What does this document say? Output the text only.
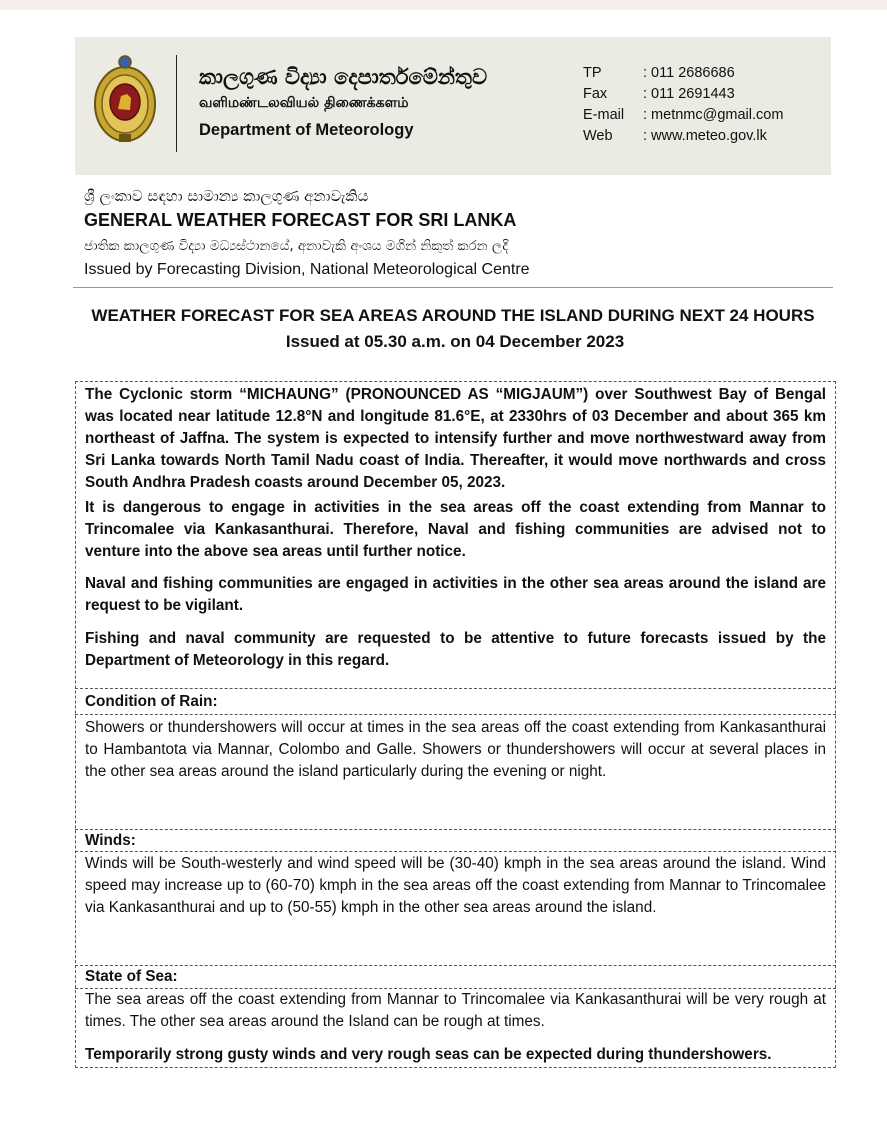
කාලගුණ විද්‍යා දෙපාර්තමේන්තුව
வளிமண்டலவியல் திணைக்களம்
Department of Meteorology
TP	: 011 2686686
Fax : 011 2691443
E-mail : metnmc@gmail.com
Web : www.meteo.gov.lk
ශ්‍රී ලංකාව සඳහා සාමාන්‍ය කාලගුණ අනාවැකිය
GENERAL WEATHER FORECAST FOR SRI LANKA
ජාතික කාලගුණ විද්‍යා මධ්‍යස්ථානයේ, අනාවැකි අංශය මගින් නිකුත් කරන ලදි
Issued by Forecasting Division, National Meteorological Centre
WEATHER FORECAST FOR SEA AREAS AROUND THE ISLAND DURING NEXT 24 HOURS
Issued at 05.30 a.m. on 04 December 2023
The Cyclonic storm “MICHAUNG” (PRONOUNCED AS “MIGJAUM”) over Southwest Bay of Bengal was located near latitude 12.8°N and longitude 81.6°E, at 2330hrs of 03 December and about 365 km northeast of Jaffna. The system is expected to intensify further and move northwestward away from Sri Lanka towards North Tamil Nadu coast of India. Thereafter, it would move northwards and cross South Andhra Pradesh coasts around December 05, 2023.
It is dangerous to engage in activities in the sea areas off the coast extending from Mannar to Trincomalee via Kankasanthurai. Therefore, Naval and fishing communities are advised not to venture into the above sea areas until further notice.
Naval and fishing communities are engaged in activities in the other sea areas around the island are request to be vigilant.
Fishing and naval community are requested to be attentive to future forecasts issued by the Department of Meteorology in this regard.
Condition of Rain:
Showers or thundershowers will occur at times in the sea areas off the coast extending from Kankasanthurai to Hambantota via Mannar, Colombo and Galle. Showers or thundershowers will occur at several places in the other sea areas around the island particularly during the evening or night.
Winds:
Winds will be South-westerly and wind speed will be (30-40) kmph in the sea areas around the island. Wind speed may increase up to (60-70) kmph in the sea areas off the coast extending from Mannar to Trincomalee via Kankasanthurai and up to (50-55) kmph in the other sea areas around the island.
State of Sea:
The sea areas off the coast extending from Mannar to Trincomalee via Kankasanthurai will be very rough at times. The other sea areas around the Island can be rough at times.
Temporarily strong gusty winds and very rough seas can be expected during thundershowers.
